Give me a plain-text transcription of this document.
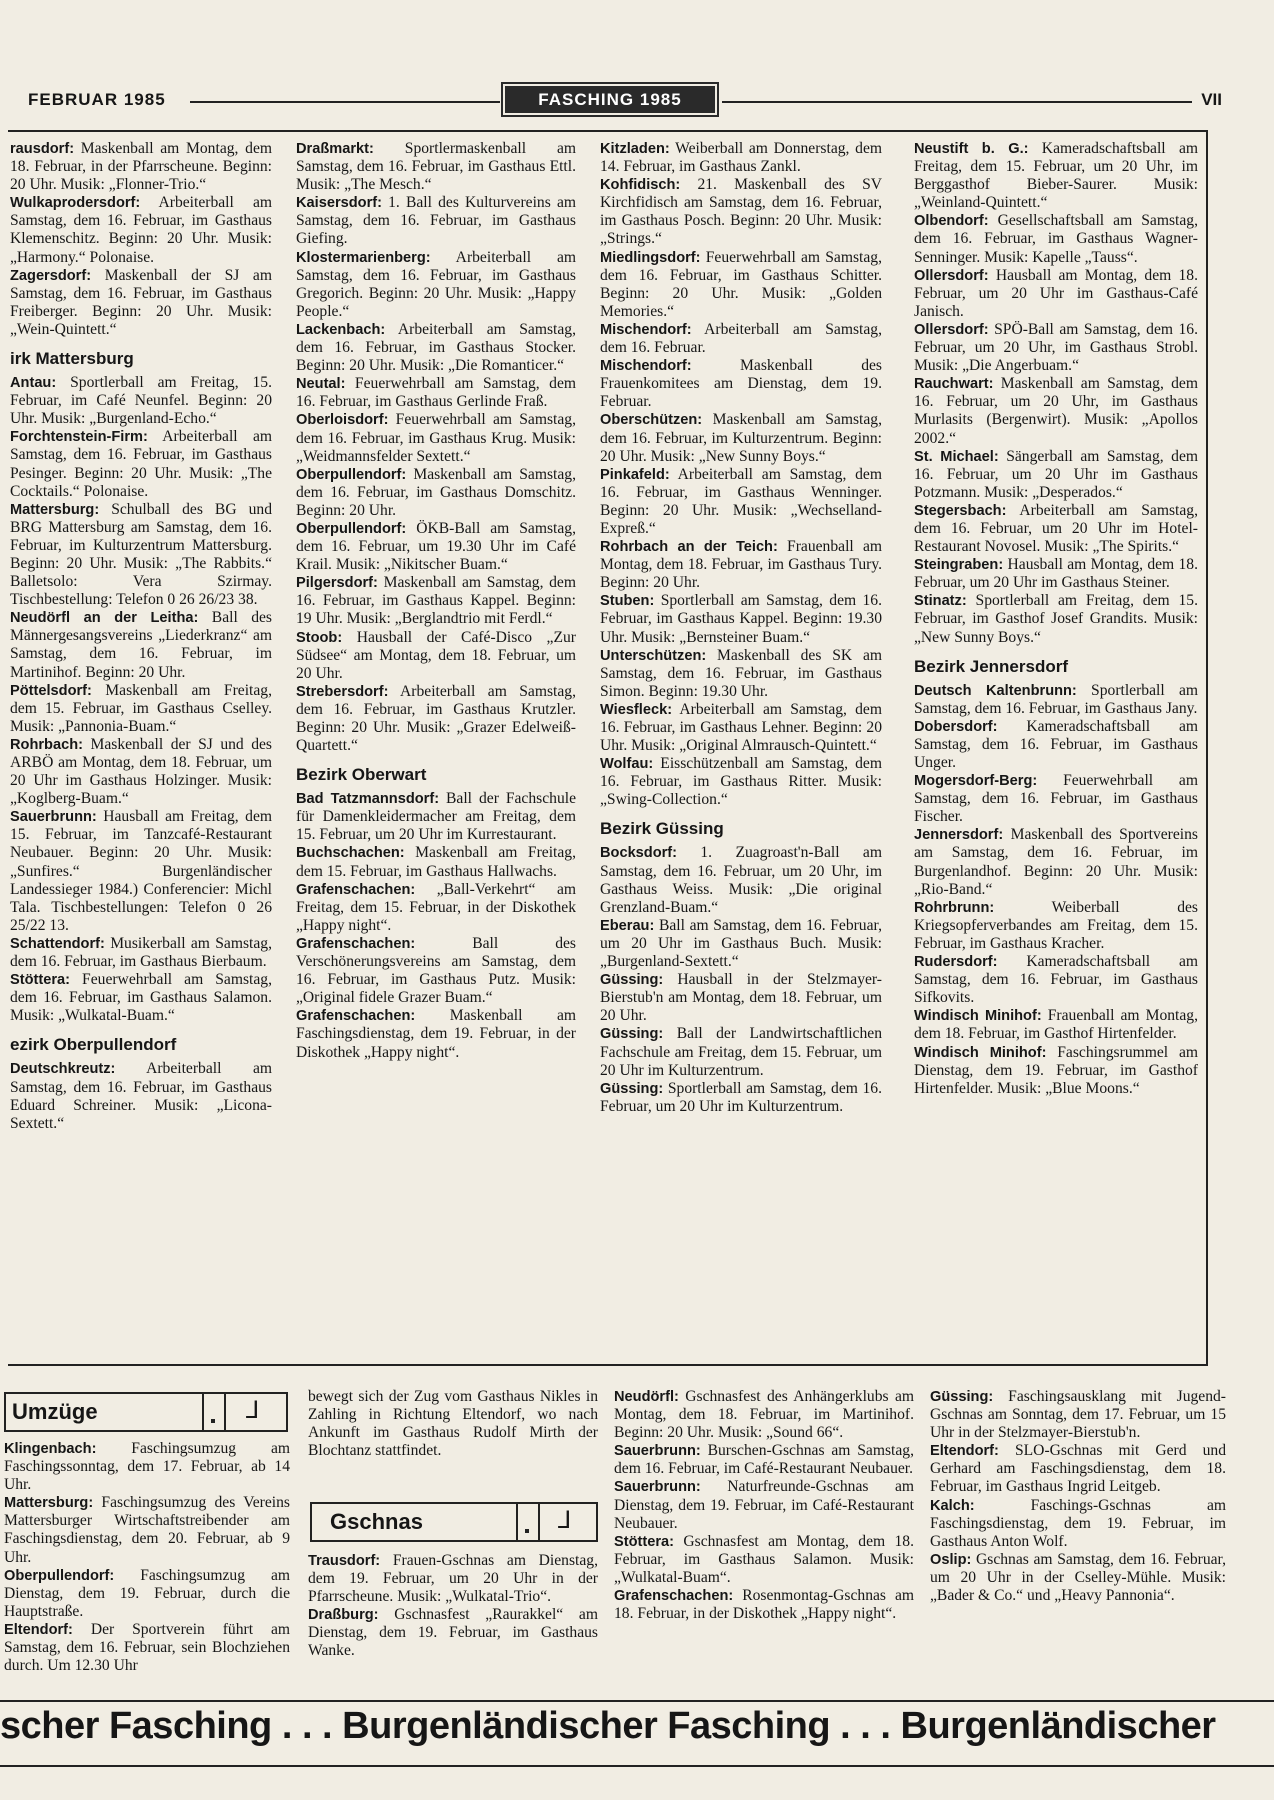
FEBRUAR 1985	FASCHING 1985	VII

rausdorf: Maskenball am Montag, dem 18. Februar, in der Pfarrscheune. Beginn: 20 Uhr. Musik: „Flonner-Trio.“

Wulkaprodersdorf: Arbeiterball am Samstag, dem 16. Februar, im Gasthaus Klemenschitz. Beginn: 20 Uhr. Musik: „Harmony.“ Polonaise.

Zagersdorf: Maskenball der SJ am Samstag, dem 16. Februar, im Gasthaus Freiberger. Beginn: 20 Uhr. Musik: „Wein-Quintett.“

irk Mattersburg

Antau: Sportlerball am Freitag, 15. Februar, im Café Neunfel. Beginn: 20 Uhr. Musik: „Burgenland-Echo.“

Forchtenstein-Firm: Arbeiterball am Samstag, dem 16. Februar, im Gasthaus Pesinger. Beginn: 20 Uhr. Musik: „The Cocktails.“ Polonaise.

Mattersburg: Schulball des BG und BRG Mattersburg am Samstag, dem 16. Februar, im Kulturzentrum Mattersburg. Beginn: 20 Uhr. Musik: „The Rabbits.“ Balletsolo: Vera Szirmay. Tischbestellung: Telefon 0 26 26/23 38.

Neudörfl an der Leitha: Ball des Männergesangsvereins „Liederkranz“ am Samstag, dem 16. Februar, im Martinihof. Beginn: 20 Uhr.

Pöttelsdorf: Maskenball am Freitag, dem 15. Februar, im Gasthaus Cselley. Musik: „Pannonia-Buam.“

Rohrbach: Maskenball der SJ und des ARBÖ am Montag, dem 18. Februar, um 20 Uhr im Gasthaus Holzinger. Musik: „Koglberg-Buam.“

Sauerbrunn: Hausball am Freitag, dem 15. Februar, im Tanzcafé-Restaurant Neubauer. Beginn: 20 Uhr. Musik: „Sunfires.“ Burgenländischer Landessieger 1984.) Conferencier: Michl Tala. Tischbestellungen: Telefon 0 26 25/22 13.

Schattendorf: Musikerball am Samstag, dem 16. Februar, im Gasthaus Bierbaum.

Stöttera: Feuerwehrball am Samstag, dem 16. Februar, im Gasthaus Salamon. Musik: „Wulkatal-Buam.“

ezirk Oberpullendorf

Deutschkreutz: Arbeiterball am Samstag, dem 16. Februar, im Gasthaus Eduard Schreiner. Musik: „Licona-Sextett.“

Draßmarkt: Sportlermaskenball am Samstag, dem 16. Februar, im Gasthaus Ettl. Musik: „The Mesch.“

Kaisersdorf: 1. Ball des Kulturvereins am Samstag, dem 16. Februar, im Gasthaus Giefing.

Klostermarienberg: Arbeiterball am Samstag, dem 16. Februar, im Gasthaus Gregorich. Beginn: 20 Uhr. Musik: „Happy People.“

Lackenbach: Arbeiterball am Samstag, dem 16. Februar, im Gasthaus Stocker. Beginn: 20 Uhr. Musik: „Die Romanticer.“

Neutal: Feuerwehrball am Samstag, dem 16. Februar, im Gasthaus Gerlinde Fraß.

Oberloisdorf: Feuerwehrball am Samstag, dem 16. Februar, im Gasthaus Krug. Musik: „Weidmannsfelder Sextett.“

Oberpullendorf: Maskenball am Samstag, dem 16. Februar, im Gasthaus Domschitz. Beginn: 20 Uhr.

Oberpullendorf: ÖKB-Ball am Samstag, dem 16. Februar, um 19.30 Uhr im Café Krail. Musik: „Nikitscher Buam.“

Pilgersdorf: Maskenball am Samstag, dem 16. Februar, im Gasthaus Kappel. Beginn: 19 Uhr. Musik: „Berglandtrio mit Ferdl.“

Stoob: Hausball der Café-Disco „Zur Südsee“ am Montag, dem 18. Februar, um 20 Uhr.

Strebersdorf: Arbeiterball am Samstag, dem 16. Februar, im Gasthaus Krutzler. Beginn: 20 Uhr. Musik: „Grazer Edelweiß-Quartett.“

Bezirk Oberwart

Bad Tatzmannsdorf: Ball der Fachschule für Damenkleidermacher am Freitag, dem 15. Februar, um 20 Uhr im Kurrestaurant.

Buchschachen: Maskenball am Freitag, dem 15. Februar, im Gasthaus Hallwachs.

Grafenschachen: „Ball-Verkehrt“ am Freitag, dem 15. Februar, in der Diskothek „Happy night“.

Grafenschachen: Ball des Verschönerungsvereins am Samstag, dem 16. Februar, im Gasthaus Putz. Musik: „Original fidele Grazer Buam.“

Grafenschachen: Maskenball am Faschingsdienstag, dem 19. Februar, in der Diskothek „Happy night“.

Kitzladen: Weiberball am Donnerstag, dem 14. Februar, im Gasthaus Zankl.

Kohfidisch: 21. Maskenball des SV Kirchfidisch am Samstag, dem 16. Februar, im Gasthaus Posch. Beginn: 20 Uhr. Musik: „Strings.“

Miedlingsdorf: Feuerwehrball am Samstag, dem 16. Februar, im Gasthaus Schitter. Beginn: 20 Uhr. Musik: „Golden Memories.“

Mischendorf: Arbeiterball am Samstag, dem 16. Februar.

Mischendorf: Maskenball des Frauenkomitees am Dienstag, dem 19. Februar.

Oberschützen: Maskenball am Samstag, dem 16. Februar, im Kulturzentrum. Beginn: 20 Uhr. Musik: „New Sunny Boys.“

Pinkafeld: Arbeiterball am Samstag, dem 16. Februar, im Gasthaus Wenninger. Beginn: 20 Uhr. Musik: „Wechselland-Expreß.“

Rohrbach an der Teich: Frauenball am Montag, dem 18. Februar, im Gasthaus Tury. Beginn: 20 Uhr.

Stuben: Sportlerball am Samstag, dem 16. Februar, im Gasthaus Kappel. Beginn: 19.30 Uhr. Musik: „Bernsteiner Buam.“

Unterschützen: Maskenball des SK am Samstag, dem 16. Februar, im Gasthaus Simon. Beginn: 19.30 Uhr.

Wiesfleck: Arbeiterball am Samstag, dem 16. Februar, im Gasthaus Lehner. Beginn: 20 Uhr. Musik: „Original Almrausch-Quintett.“

Wolfau: Eisschützenball am Samstag, dem 16. Februar, im Gasthaus Ritter. Musik: „Swing-Collection.“

Bezirk Güssing

Bocksdorf: 1. Zuagroast'n-Ball am Samstag, dem 16. Februar, um 20 Uhr, im Gasthaus Weiss. Musik: „Die original Grenzland-Buam.“

Eberau: Ball am Samstag, dem 16. Februar, um 20 Uhr im Gasthaus Buch. Musik: „Burgenland-Sextett.“

Güssing: Hausball in der Stelzmayer-Bierstub'n am Montag, dem 18. Februar, um 20 Uhr.

Güssing: Ball der Landwirtschaftlichen Fachschule am Freitag, dem 15. Februar, um 20 Uhr im Kulturzentrum.

Güssing: Sportlerball am Samstag, dem 16. Februar, um 20 Uhr im Kulturzentrum.

Neustift b. G.: Kameradschaftsball am Freitag, dem 15. Februar, um 20 Uhr, im Berggasthof Bieber-Saurer. Musik: „Weinland-Quintett.“

Olbendorf: Gesellschaftsball am Samstag, dem 16. Februar, im Gasthaus Wagner-Senninger. Musik: Kapelle „Tauss“.

Ollersdorf: Hausball am Montag, dem 18. Februar, um 20 Uhr im Gasthaus-Café Janisch.

Ollersdorf: SPÖ-Ball am Samstag, dem 16. Februar, um 20 Uhr, im Gasthaus Strobl. Musik: „Die Angerbuam.“

Rauchwart: Maskenball am Samstag, dem 16. Februar, um 20 Uhr, im Gasthaus Murlasits (Bergenwirt). Musik: „Apollos 2002.“

St. Michael: Sängerball am Samstag, dem 16. Februar, um 20 Uhr im Gasthaus Potzmann. Musik: „Desperados.“

Stegersbach: Arbeiterball am Samstag, dem 16. Februar, um 20 Uhr im Hotel-Restaurant Novosel. Musik: „The Spirits.“

Steingraben: Hausball am Montag, dem 18. Februar, um 20 Uhr im Gasthaus Steiner.

Stinatz: Sportlerball am Freitag, dem 15. Februar, im Gasthof Josef Grandits. Musik: „New Sunny Boys.“

Bezirk Jennersdorf

Deutsch Kaltenbrunn: Sportlerball am Samstag, dem 16. Februar, im Gasthaus Jany.

Dobersdorf: Kameradschaftsball am Samstag, dem 16. Februar, im Gasthaus Unger.

Mogersdorf-Berg: Feuerwehrball am Samstag, dem 16. Februar, im Gasthaus Fischer.

Jennersdorf: Maskenball des Sportvereins am Samstag, dem 16. Februar, im Burgenlandhof. Beginn: 20 Uhr. Musik: „Rio-Band.“

Rohrbrunn: Weiberball des Kriegsopferverbandes am Freitag, dem 15. Februar, im Gasthaus Kracher.

Rudersdorf: Kameradschaftsball am Samstag, dem 16. Februar, im Gasthaus Sifkovits.

Windisch Minihof: Frauenball am Montag, dem 18. Februar, im Gasthof Hirtenfelder.

Windisch Minihof: Faschingsrummel am Dienstag, dem 19. Februar, im Gasthof Hirtenfelder. Musik: „Blue Moons.“

Umzüge	⅃

Klingenbach: Faschingsumzug am Faschingssonntag, dem 17. Februar, ab 14 Uhr.

Mattersburg: Faschingsumzug des Vereins Mattersburger Wirtschaftstreibender am Faschingsdienstag, dem 20. Februar, ab 9 Uhr.

Oberpullendorf: Faschingsumzug am Dienstag, dem 19. Februar, durch die Hauptstraße.

Eltendorf: Der Sportverein führt am Samstag, dem 16. Februar, sein Blochziehen durch. Um 12.30 Uhr

bewegt sich der Zug vom Gasthaus Nikles in Zahling in Richtung Eltendorf, wo nach Ankunft im Gasthaus Rudolf Mirth der Blochtanz stattfindet.

Gschnas	⅃

Trausdorf: Frauen-Gschnas am Dienstag, dem 19. Februar, um 20 Uhr in der Pfarrscheune. Musik: „Wulkatal-Trio“.

Draßburg: Gschnasfest „Raurakkel“ am Dienstag, dem 19. Februar, im Gasthaus Wanke.

Neudörfl: Gschnasfest des Anhängerklubs am Montag, dem 18. Februar, im Martinihof. Beginn: 20 Uhr. Musik: „Sound 66“.

Sauerbrunn: Burschen-Gschnas am Samstag, dem 16. Februar, im Café-Restaurant Neubauer.

Sauerbrunn: Naturfreunde-Gschnas am Dienstag, dem 19. Februar, im Café-Restaurant Neubauer.

Stöttera: Gschnasfest am Montag, dem 18. Februar, im Gasthaus Salamon. Musik: „Wulkatal-Buam“.

Grafenschachen: Rosenmontag-Gschnas am 18. Februar, in der Diskothek „Happy night“.

Güssing: Faschingsausklang mit Jugend-Gschnas am Sonntag, dem 17. Februar, um 15 Uhr in der Stelzmayer-Bierstub'n.

Eltendorf: SLO-Gschnas mit Gerd und Gerhard am Faschingsdienstag, dem 18. Februar, im Gasthaus Ingrid Leitgeb.

Kalch: Faschings-Gschnas am Faschingsdienstag, dem 19. Februar, im Gasthaus Anton Wolf.

Oslip: Gschnas am Samstag, dem 16. Februar, um 20 Uhr in der Cselley-Mühle. Musik: „Bader & Co.“ und „Heavy Pannonia“.

scher Fasching . . . Burgenländischer Fasching . . . Burgenländischer
